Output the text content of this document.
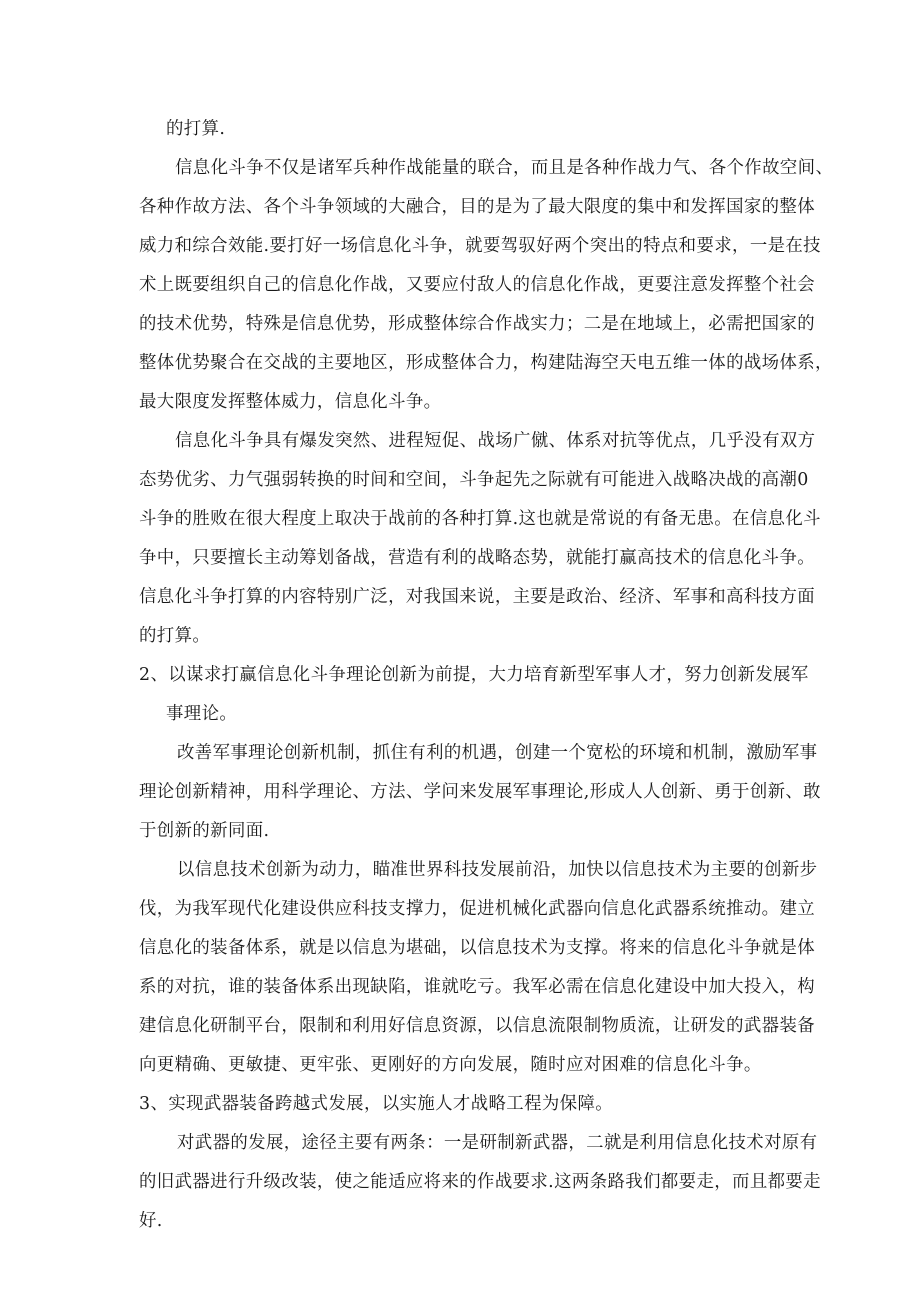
的打算.
信息化斗争不仅是诸军兵种作战能量的联合，而且是各种作战力气、各个作故空间、
各种作故方法、各个斗争领域的大融合，目的是为了最大限度的集中和发挥国家的整体
威力和综合效能.要打好一场信息化斗争，就要驾驭好两个突出的特点和要求，一是在技
术上既要组织自己的信息化作战，又要应付敌人的信息化作战，更要注意发挥整个社会
的技术优势，特殊是信息优势，形成整体综合作战实力；二是在地域上，必需把国家的
整体优势聚合在交战的主要地区，形成整体合力，构建陆海空天电五维一体的战场体系，
最大限度发挥整体威力，信息化斗争。
信息化斗争具有爆发突然、进程短促、战场广僦、体系对抗等优点，几乎没有双方
态势优劣、力气强弱转换的时间和空间，斗争起先之际就有可能进入战略决战的高潮0
斗争的胜败在很大程度上取决于战前的各种打算.这也就是常说的有备无患。在信息化斗
争中，只要擅长主动筹划备战，营造有利的战略态势，就能打赢高技术的信息化斗争。
信息化斗争打算的内容特别广泛，对我国来说，主要是政治、经济、军事和高科技方面
的打算。
2、以谋求打赢信息化斗争理论创新为前提，大力培育新型军事人才，努力创新发展军
事理论。
改善军事理论创新机制，抓住有利的机遇，创建一个宽松的环境和机制，激励军事
理论创新精神，用科学理论、方法、学问来发展军事理论,形成人人创新、勇于创新、敢
于创新的新同面.
以信息技术创新为动力，瞄准世界科技发展前沿，加快以信息技术为主要的创新步
伐，为我军现代化建设供应科技支撑力，促进机械化武器向信息化武器系统推动。建立
信息化的装备体系，就是以信息为堪础，以信息技术为支撑。将来的信息化斗争就是体
系的对抗，谁的装备体系出现缺陷，谁就吃亏。我军必需在信息化建设中加大投入，构
建信息化研制平台，限制和利用好信息资源，以信息流限制物质流，让研发的武器装备
向更精确、更敏捷、更牢张、更刚好的方向发展，随时应对困难的信息化斗争。
3、实现武器装备跨越式发展，以实施人才战略工程为保障。
对武器的发展，途径主要有两条：一是研制新武器，二就是利用信息化技术对原有
的旧武器进行升级改装，使之能适应将来的作战要求.这两条路我们都要走，而且都要走
好.
